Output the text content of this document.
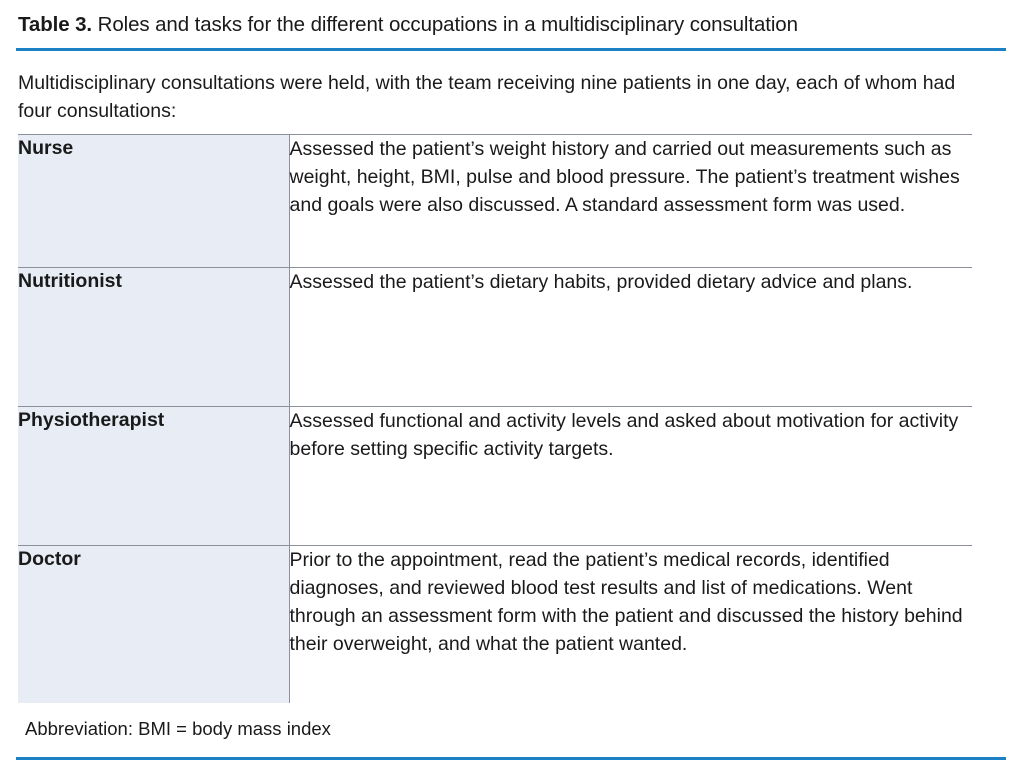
Table 3. Roles and tasks for the different occupations in a multidisciplinary consultation
Multidisciplinary consultations were held, with the team receiving nine patients in one day, each of whom had four consultations:
Nurse	Assessed the patient’s weight history and carried out measurements such as weight, height, BMI, pulse and blood pressure. The patient’s treatment wishes and goals were also discussed. A standard assessment form was used.
Nutritionist	Assessed the patient’s dietary habits, provided dietary advice and plans.
Physiotherapist	Assessed functional and activity levels and asked about motivation for activity before setting specific activity targets.
Doctor	Prior to the appointment, read the patient’s medical records, identified diagnoses, and reviewed blood test results and list of medications. Went through an assessment form with the patient and discussed the history behind their overweight, and what the patient wanted.
Abbreviation: BMI = body mass index	
